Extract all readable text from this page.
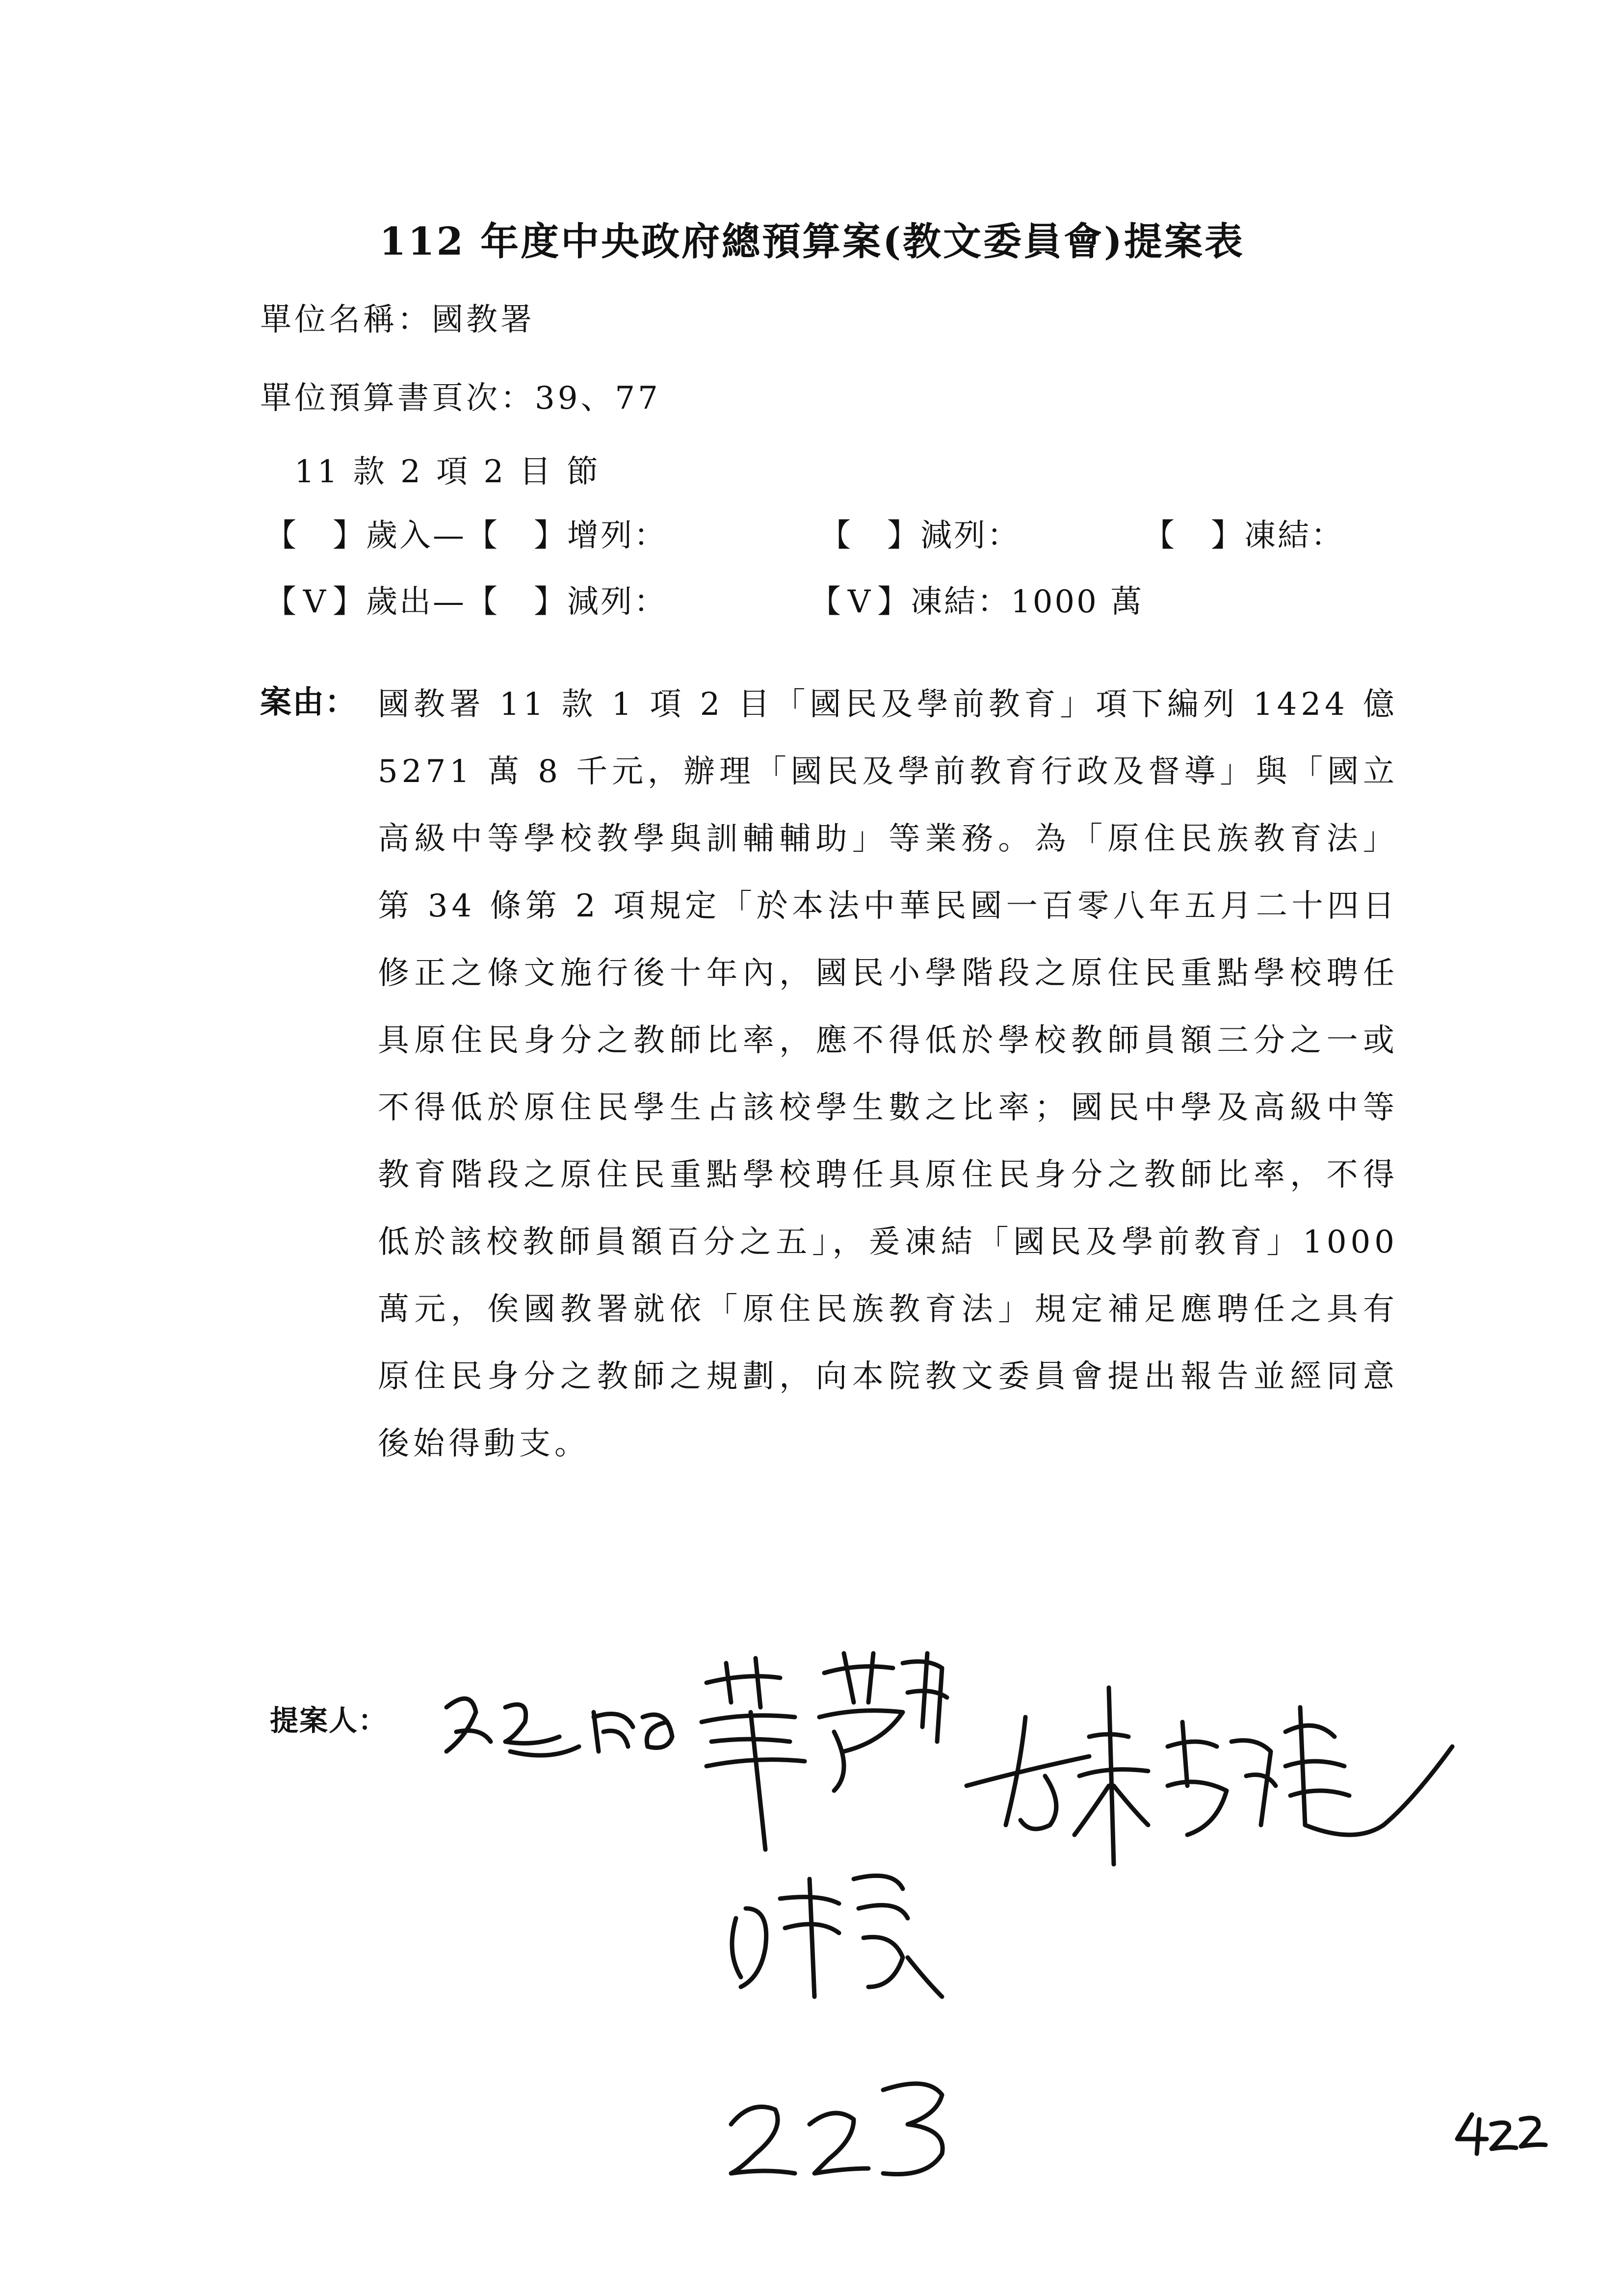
112 年度中央政府總預算案(教文委員會)提案表
單位名稱：國教署
單位預算書頁次：39、77
11 款 2 項 2 目 節
【 】歲入—【 】增列：	【 】減列：	【 】凍結：
【 V 】歲出—【 】減列：	【 V 】凍結：1000 萬
案由： 國教署 11 款 1 項 2 目「國民及學前教育」項下編列 1424 億 5271 萬 8 千元，辦理「國民及學前教育行政及督導」與「國立高級中等學校教學與訓輔輔助」等業務。為「原住民族教育法」第 34 條第 2 項規定「於本法中華民國一百零八年五月二十四日修正之條文施行後十年內，國民小學階段之原住民重點學校聘任具原住民身分之教師比率，應不得低於學校教師員額三分之一或不得低於原住民學生占該校學生數之比率；國民中學及高級中等教育階段之原住民重點學校聘任具原住民身分之教師比率，不得低於該校教師員額百分之五」，爰凍結「國民及學前教育」1000 萬元，俟國教署就依「原住民族教育法」規定補足應聘任之具有原住民身分之教師之規劃，向本院教文委員會提出報告並經同意後始得動支。
提案人：
